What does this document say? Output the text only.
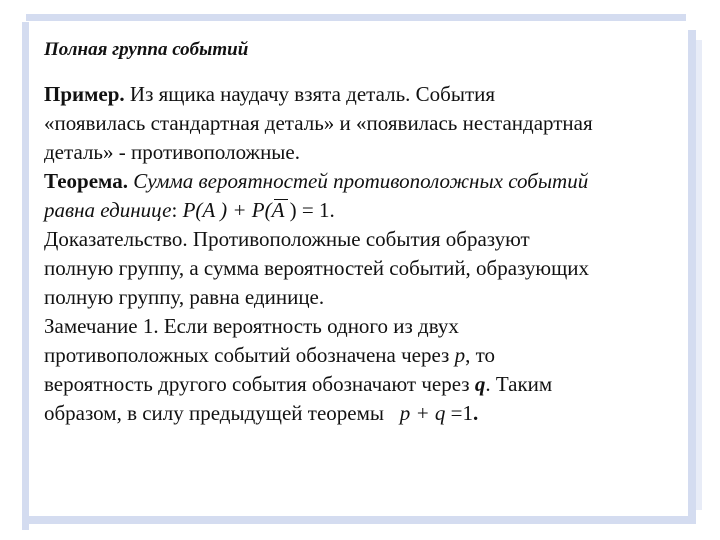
Полная группа событий
Пример. Из ящика наудачу взята деталь. События
«появилась стандартная деталь» и «появилась нестандартная
деталь» - противоположные.
Теорема. Сумма вероятностей противоположных событий
равна единице: P(A ) + P(A ) = 1.
Доказательство. Противоположные события образуют
полную группу, а сумма вероятностей событий, образующих
полную группу, равна единице.
Замечание 1. Если вероятность одного из двух
противоположных событий обозначена через p, то
вероятность другого события обозначают через q. Таким
образом, в силу предыдущей теоремы   p + q =1.
